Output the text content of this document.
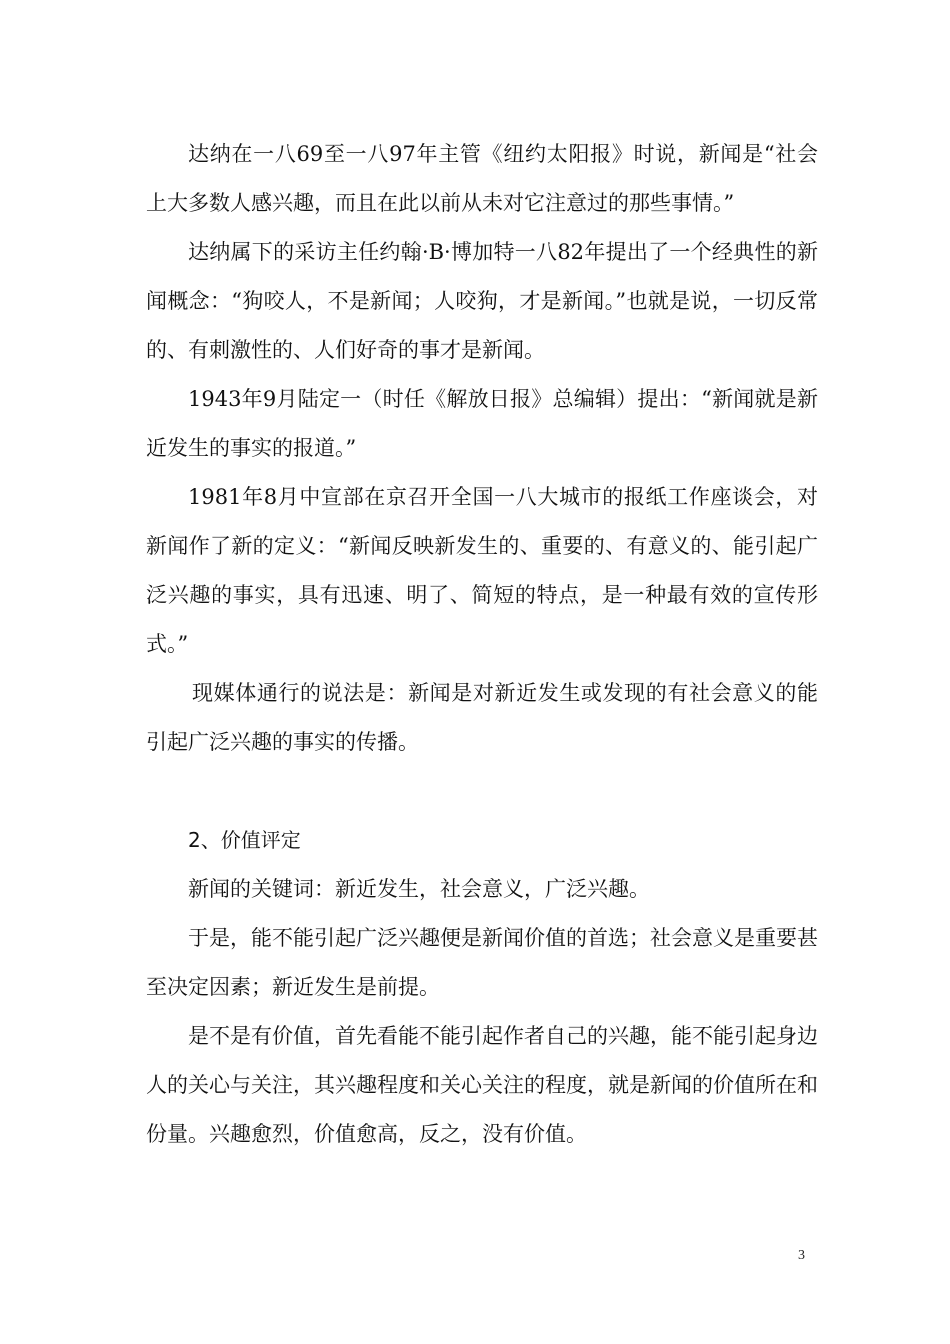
达纳在一八69至一八97年主管《纽约太阳报》时说，新闻是“社会上大多数人感兴趣，而且在此以前从未对它注意过的那些事情。”

达纳属下的采访主任约翰·B·博加特一八82年提出了一个经典性的新闻概念：“狗咬人，不是新闻；人咬狗，才是新闻。”也就是说，一切反常的、有刺激性的、人们好奇的事才是新闻。

1943年9月陆定一（时任《解放日报》总编辑）提出：“新闻就是新近发生的事实的报道。”

1981年8月中宣部在京召开全国一八大城市的报纸工作座谈会，对新闻作了新的定义：“新闻反映新发生的、重要的、有意义的、能引起广泛兴趣的事实，具有迅速、明了、简短的特点，是一种最有效的宣传形式。”

现媒体通行的说法是：新闻是对新近发生或发现的有社会意义的能引起广泛兴趣的事实的传播。

2、价值评定

新闻的关键词：新近发生，社会意义，广泛兴趣。

于是，能不能引起广泛兴趣便是新闻价值的首选；社会意义是重要甚至决定因素；新近发生是前提。

是不是有价值，首先看能不能引起作者自己的兴趣，能不能引起身边人的关心与关注，其兴趣程度和关心关注的程度，就是新闻的价值所在和份量。兴趣愈烈，价值愈高，反之，没有价值。

3
